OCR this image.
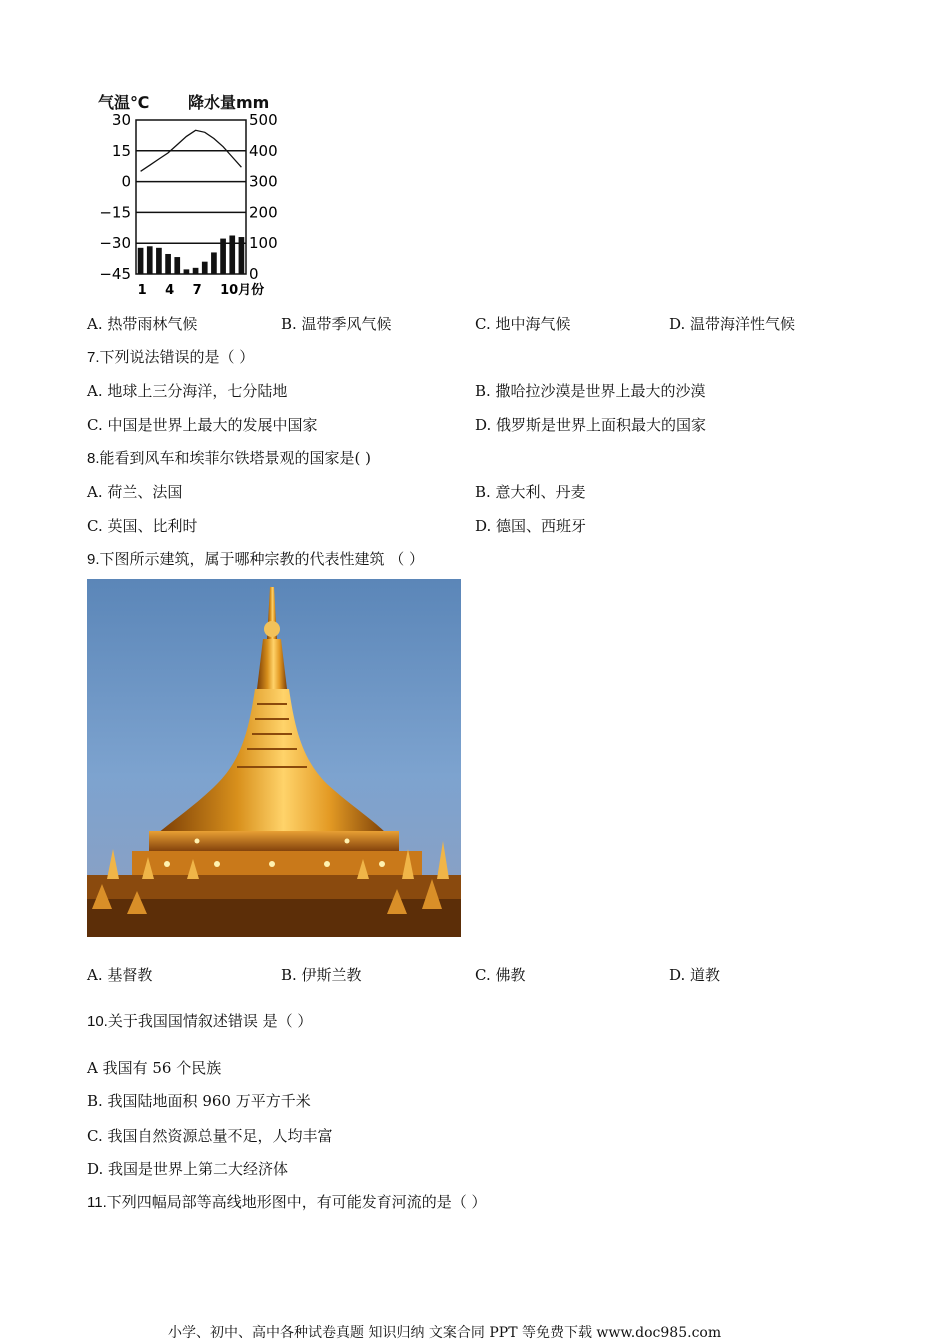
气温℃ 降水量mm
30
15
0
−15
−30
−45
500
400
300
200
100
0
1 4 7 10月份
A. 热带雨林气候	B. 温带季风气候	C. 地中海气候	D. 温带海洋性气候
7.下列说法错误的是（ ）
A. 地球上三分海洋，七分陆地	B. 撒哈拉沙漠是世界上最大的沙漠
C. 中国是世界上最大的发展中国家	D. 俄罗斯是世界上面积最大的国家
8.能看到风车和埃菲尔铁塔景观的国家是( )
A. 荷兰、法国	B. 意大利、丹麦
C. 英国、比利时	D. 德国、西班牙
9.下图所示建筑，属于哪种宗教的代表性建筑 （ ）
A. 基督教	B. 伊斯兰教	C. 佛教	D. 道教
10.关于我国国情叙述错误 是（ ）
A 我国有 56 个民族
B. 我国陆地面积 960 万平方千米
C. 我国自然资源总量不足，人均丰富
D. 我国是世界上第二大经济体
11.下列四幅局部等高线地形图中，有可能发育河流的是（ ）
小学、初中、高中各种试卷真题 知识归纳 文案合同 PPT 等免费下载 www.doc985.com
